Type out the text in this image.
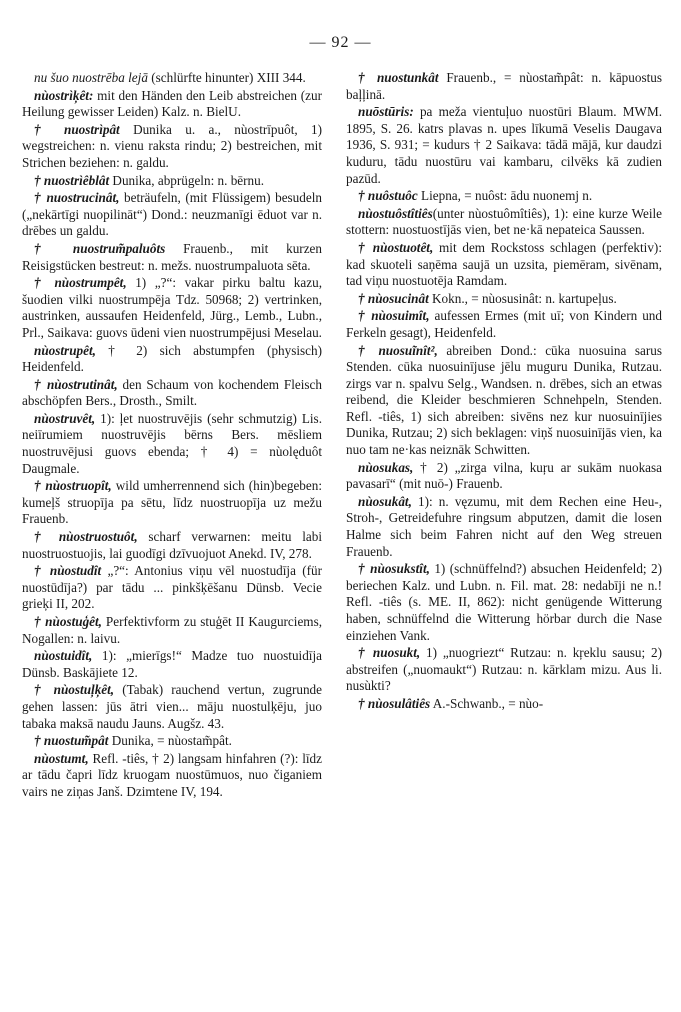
— 92 —
nu šuo nuostrēba lejā (schlürfte hinunter) XIII 344.
nùostrìķêt: mit den Händen den Leib abstreichen (zur Heilung gewisser Leiden) Kalz. n. BielU.
† nuostrìpât Dunika u. a., nùostrīpuôt, 1) wegstreichen: n. vienu raksta rindu; 2) bestreichen, mit Strichen beziehen: n. galdu.
† nuostrìêblât Dunika, abprügeln: n. bērnu.
† nuostrucinât, beträufeln, (mit Flüssigem) besudeln („nekārtīgi nuopilināt“) Dond.: neuzmanīgi ēduot var n. drēbes un galdu.
† nuostrum̃paluôts Frauenb., mit kurzen Reisigstücken bestreut: n. mežs. nuostrumpaluota sēta.
† nùostrumpêt, 1) „?“: vakar pirku baltu kazu, šuodien vilki nuostrumpēja Tdz. 50968; 2) vertrinken, austrinken, aussaufen Heidenfeld, Jürg., Lemb., Lubn., Prl., Saikava: guovs ūdeni vien nuostrumpējusi Meselau.
nùostrupêt, † 2) sich abstumpfen (physisch) Heidenfeld.
† nùostrutinât, den Schaum von kochendem Fleisch abschöpfen Bers., Drosth., Smilt.
nùostruvêt, 1): ļet nuostruvējis (sehr schmutzig) Lis. neiīrumiem nuostruvējis bērns Bers. mēsliem nuostruvējusi guovs ebenda; † 4) = nùolęduôt Daugmale.
† nùostruopît, wild umherrennend sich (hin)begeben: kumeļš struopīja pa sētu, līdz nuostruopīja uz mežu Frauenb.
† nùostruostuôt, scharf verwarnen: meitu labi nuostruostuojis, lai guodīgi dzīvuojuot Anekd. IV, 278.
† nùostudît „?“: Antonius viņu vēl nuostudīja (für nuostūdīja?) par tādu ... pinkšķēšanu Dünsb. Vecie grieķi II, 202.
† nùostuģêt, Perfektivform zu stuģēt II Kaugurciems, Nogallen: n. laivu.
nùostuidît, 1): „mierīgs!“ Madze tuo nuostuidīja Dünsb. Baskājiete 12.
† nùostuļķêt, (Tabak) rauchend vertun, zugrunde gehen lassen: jūs ātri vien... māju nuostulķēju, juo tabaka maksā naudu Jauns. Augšz. 43.
† nuostum̃pât Dunika, = nùostam̃pât.
nùostumt, Refl. -tiês, † 2) langsam hinfahren (?): līdz ar tādu čapri līdz kruogam nuostūmuos, nuo čiganiem vairs ne ziņas Janš. Dzimtene IV, 194.
† nuostunkât Frauenb., = nùostam̃pât: n. kāpuostus baļļinā.
nuōstūris: pa meža vientuļuo nuostūri Blaum. MWM. 1895, S. 26. katrs plavas n. upes līkumā Veselis Daugava 1936, S. 931; = kudurs † 2 Saikava: tādā mājā, kur daudzi kuduru, tādu nuostūru vai kambaru, cilvēks kā zudien pazūd.
† nuôstuôc Liepna, = nuôst: ādu nuonemj n.
nùostuôstîtiês(unter nùostuômîtiês), 1): eine kurze Weile stottern: nuostuostījās vien, bet ne·kā nepateica Saussen.
† nùostuotêt, mit dem Rockstoss schlagen (perfektiv): kad skuoteli saņēma saujā un uzsita, piemēram, sivēnam, tad viņu nuostuotēja Ramdam.
† nùosucinât Kokn., = nùosusinât: n. kartupeļus.
† nùosuimît, aufessen Ermes (mit uī; von Kindern und Ferkeln gesagt), Heidenfeld.
† nuosuĩnît², abreiben Dond.: cūka nuosuina sarus Stenden. cūka nuosuinījuse jēlu muguru Dunika, Rutzau. zirgs var n. spalvu Selg., Wandsen. n. drēbes, sich an etwas reibend, die Kleider beschmieren Schnehpeln, Stenden. Refl. -tiês, 1) sich abreiben: sivēns nez kur nuosuinījies Dunika, Rutzau; 2) sich beklagen: viņš nuosuinījās vien, ka nuo tam ne·kas neiznāk Schwitten.
nùosukas, † 2) „zirga vilna, kuŗu ar sukām nuokasa pavasarī“ (mit nuō-) Frauenb.
nùosukât, 1): n. vęzumu, mit dem Rechen eine Heu-, Stroh-, Getreidefuhre ringsum abputzen, damit die losen Halme sich beim Fahren nicht auf den Weg streuen Frauenb.
† nùosukstît, 1) (schnüffelnd?) absuchen Heidenfeld; 2) beriechen Kalz. und Lubn. n. Fil. mat. 28: nedabīji ne n.! Refl. -tiês (s. ME. II, 862): nicht genügende Witterung haben, schnüffelnd die Witterung hörbar durch die Nase einziehen Vank.
† nuosukt, 1) „nuogriezt“ Rutzau: n. kŗeklu sausu; 2) abstreifen („nuomaukt“) Rutzau: n. kārklam mizu. Aus li. nusùkti?
† nùosulâtiês A.-Schwanb., = nùo-
